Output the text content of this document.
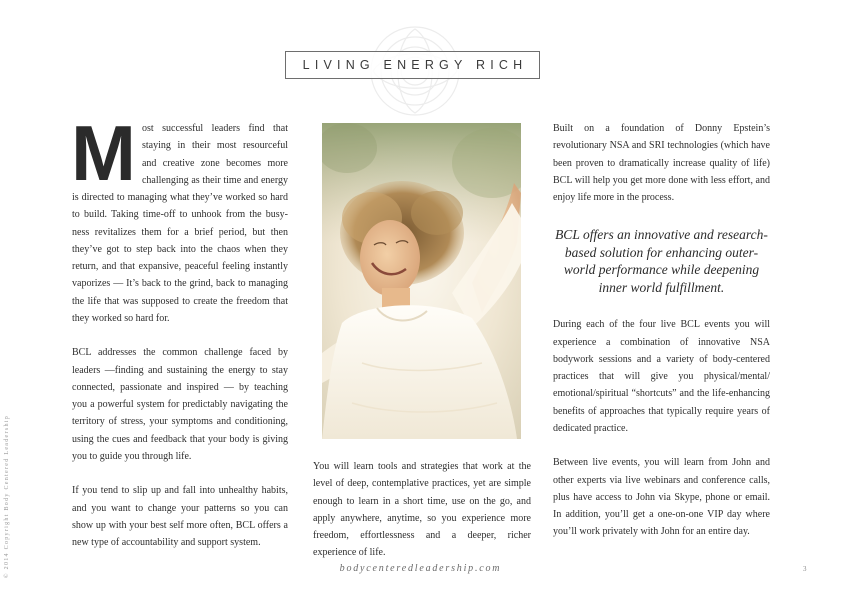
LIVING ENERGY RICH
M ost successful leaders find that staying in their most resourceful and creative zone becomes more challenging as their time and energy is directed to managing what they’ve worked so hard to build. Taking time-off to unhook from the busy-ness revitalizes them for a brief period, but then they’ve got to step back into the chaos when they return, and that expansive, peaceful feeling instantly vaporizes — It’s back to the grind, back to managing the life that was supposed to create the freedom that they worked so hard for.

BCL addresses the common challenge faced by leaders —finding and sustaining the energy to stay connected, passionate and inspired — by teaching you a powerful system for predictably navigating the territory of stress, your symptoms and conditioning, using the cues and feedback that your body is giving you to guide you through life.

If you tend to slip up and fall into unhealthy habits, and you want to change your patterns so you can show up with your best self more often, BCL offers a new type of accountability and support system.

You will learn tools and strategies that work at the level of deep, contemplative practices, yet are simple enough to learn in a short time, use on the go, and apply anywhere, anytime, so you experience more freedom, effortlessness and a deeper, richer experience of life.

Built on a foundation of Donny Epstein’s revolutionary NSA and SRI technologies (which have been proven to dramatically increase quality of life) BCL will help you get more done with less effort, and enjoy life more in the process.

BCL offers an innovative and research-based solution for enhancing outer-world performance while deepening inner world fulfillment.

During each of the four live BCL events you will experience a combination of innovative NSA bodywork sessions and a variety of body-centered practices that will give you physical/mental/ emotional/spiritual “shortcuts” and the life-enhancing benefits of approaches that typically require years of dedicated practice.

Between live events, you will learn from John and other experts via live webinars and conference calls, plus have access to John via Skype, phone or email. In addition, you’ll get a one-on-one VIP day where you’ll work privately with John for an entire day.

bodycenteredleadership.com	3
© 2014 Copyright Body Centered Leadership
